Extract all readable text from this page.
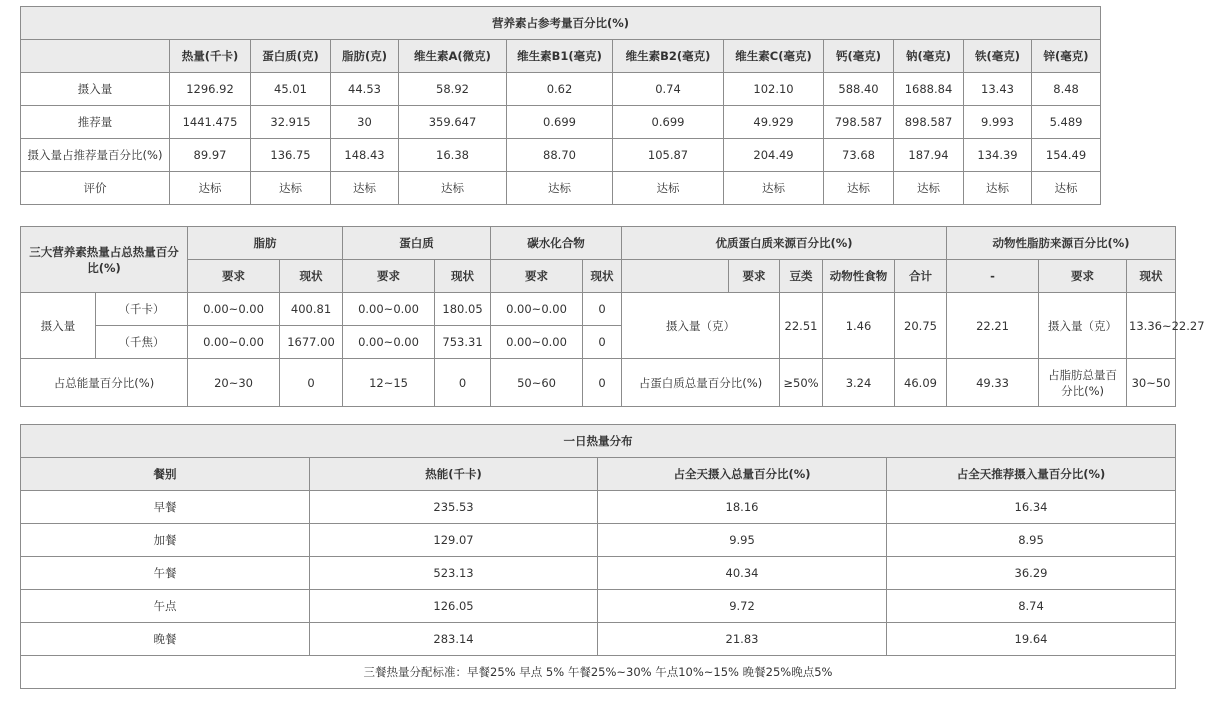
营养素占参考量百分比(%)											
	热量(千卡)	蛋白质(克)	脂肪(克)	维生素A(微克)	维生素B1(毫克)	维生素B2(毫克)	维生素C(毫克)	钙(毫克)	钠(毫克)	铁(毫克)	锌(毫克)
摄入量	1296.92	45.01	44.53	58.92	0.62	0.74	102.10	588.40	1688.84	13.43	8.48
推荐量	1441.475	32.915	30	359.647	0.699	0.699	49.929	798.587	898.587	9.993	5.489
摄入量占推荐量百分比(%)	89.97	136.75	148.43	16.38	88.70	105.87	204.49	73.68	187.94	134.39	154.49
评价	达标	达标	达标	达标	达标	达标	达标	达标	达标	达标	达标
三大营养素热量占总热量百分比(%)		脂肪		蛋白质		碳水化合物		优质蛋白质来源百分比(%)					动物性脂肪来源百分比(%)			
		要求	现状	要求	现状	要求	现状		要求	豆类	动物性食物	合计	-	要求	现状	
摄入量	（千卡）	0.00~0.00	400.81	0.00~0.00	180.05	0.00~0.00	0	摄入量（克）		22.51	1.46	20.75	22.21	摄入量（克）	13.36~22.27	
	（千焦）	0.00~0.00	1677.00	0.00~0.00	753.31	0.00~0.00	0									
占总能量百分比(%)		20~30	0	12~15	0	50~60	0	占蛋白质总量百分比(%)		≥50%	3.24	46.09	49.33	占脂肪总量百分比(%)	30~50	
一日热量分布			
餐别	热能(千卡)	占全天摄入总量百分比(%)	占全天推荐摄入量百分比(%)
早餐	235.53	18.16	16.34
加餐	129.07	9.95	8.95
午餐	523.13	40.34	36.29
午点	126.05	9.72	8.74
晚餐	283.14	21.83	19.64
三餐热量分配标准：早餐25% 早点 5% 午餐25%~30% 午点10%~15% 晚餐25%晚点5%			
